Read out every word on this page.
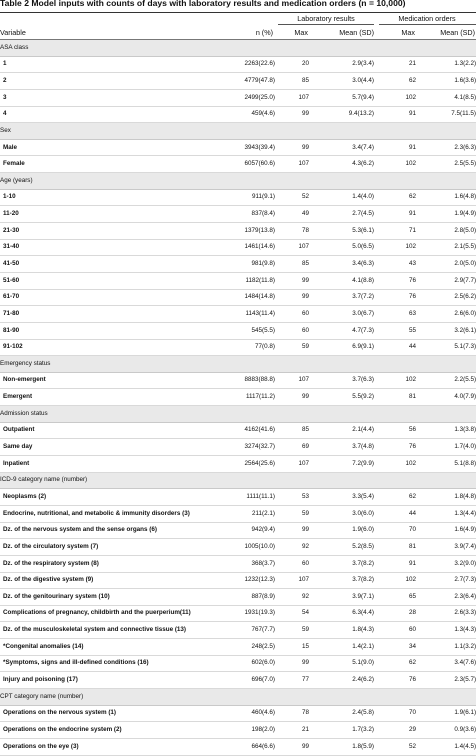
Table 2 Model inputs with counts of days with laboratory results and medication orders (n = 10,000)
Laboratory results	Medication orders
Variable	n (%)	Max	Mean (SD)	Max	Mean (SD)
ASA class					
1	2263(22.6)	20	2.9(3.4)	21	1.3(2.2)
2	4779(47.8)	85	3.0(4.4)	62	1.6(3.6)
3	2499(25.0)	107	5.7(9.4)	102	4.1(8.5)
4	459(4.6)	99	9.4(13.2)	91	7.5(11.5)
Sex					
Male	3943(39.4)	99	3.4(7.4)	91	2.3(6.3)
Female	6057(60.6)	107	4.3(6.2)	102	2.5(5.5)
Age (years)					
1-10	911(9.1)	52	1.4(4.0)	62	1.6(4.8)
11-20	837(8.4)	49	2.7(4.5)	91	1.9(4.9)
21-30	1379(13.8)	78	5.3(6.1)	71	2.8(5.0)
31-40	1461(14.6)	107	5.0(6.5)	102	2.1(5.5)
41-50	981(9.8)	85	3.4(6.3)	43	2.0(5.0)
51-60	1182(11.8)	99	4.1(8.8)	76	2.9(7.7)
61-70	1484(14.8)	99	3.7(7.2)	76	2.5(6.2)
71-80	1143(11.4)	60	3.0(6.7)	63	2.6(6.0)
81-90	545(5.5)	60	4.7(7.3)	55	3.2(6.1)
91-102	77(0.8)	59	6.9(9.1)	44	5.1(7.3)
Emergency status					
Non-emergent	8883(88.8)	107	3.7(6.3)	102	2.2(5.5)
Emergent	1117(11.2)	99	5.5(9.2)	81	4.0(7.9)
Admission status					
Outpatient	4162(41.6)	85	2.1(4.4)	56	1.3(3.8)
Same day	3274(32.7)	69	3.7(4.8)	76	1.7(4.0)
Inpatient	2564(25.6)	107	7.2(9.9)	102	5.1(8.8)
ICD-9 category name (number)					
Neoplasms (2)	1111(11.1)	53	3.3(5.4)	62	1.8(4.8)
Endocrine, nutritional, and metabolic & immunity disorders (3)	211(2.1)	59	3.0(6.0)	44	1.3(4.4)
Dz. of the nervous system and the sense organs (6)	942(9.4)	99	1.9(6.0)	70	1.6(4.9)
Dz. of the circulatory system (7)	1005(10.0)	92	5.2(8.5)	81	3.9(7.4)
Dz. of the respiratory system (8)	368(3.7)	60	3.7(8.2)	91	3.2(9.0)
Dz. of the digestive system (9)	1232(12.3)	107	3.7(8.2)	102	2.7(7.3)
Dz. of the genitourinary system (10)	887(8.9)	92	3.9(7.1)	65	2.3(6.4)
Complications of pregnancy, childbirth and the puerperium(11)	1931(19.3)	54	6.3(4.4)	28	2.6(3.3)
Dz. of the musculoskeletal system and connective tissue (13)	767(7.7)	59	1.8(4.3)	60	1.3(4.3)
*Congenital anomalies (14)	248(2.5)	15	1.4(2.1)	34	1.1(3.2)
*Symptoms, signs and ill-defined conditions (16)	602(6.0)	99	5.1(9.0)	62	3.4(7.6)
Injury and poisoning (17)	696(7.0)	77	2.4(6.2)	76	2.3(5.7)
CPT category name (number)					
Operations on the nervous system (1)	460(4.6)	78	2.4(5.8)	70	1.9(6.1)
Operations on the endocrine system (2)	198(2.0)	21	1.7(3.2)	29	0.9(3.6)
Operations on the eye (3)	664(6.6)	99	1.8(5.9)	52	1.4(4.5)
